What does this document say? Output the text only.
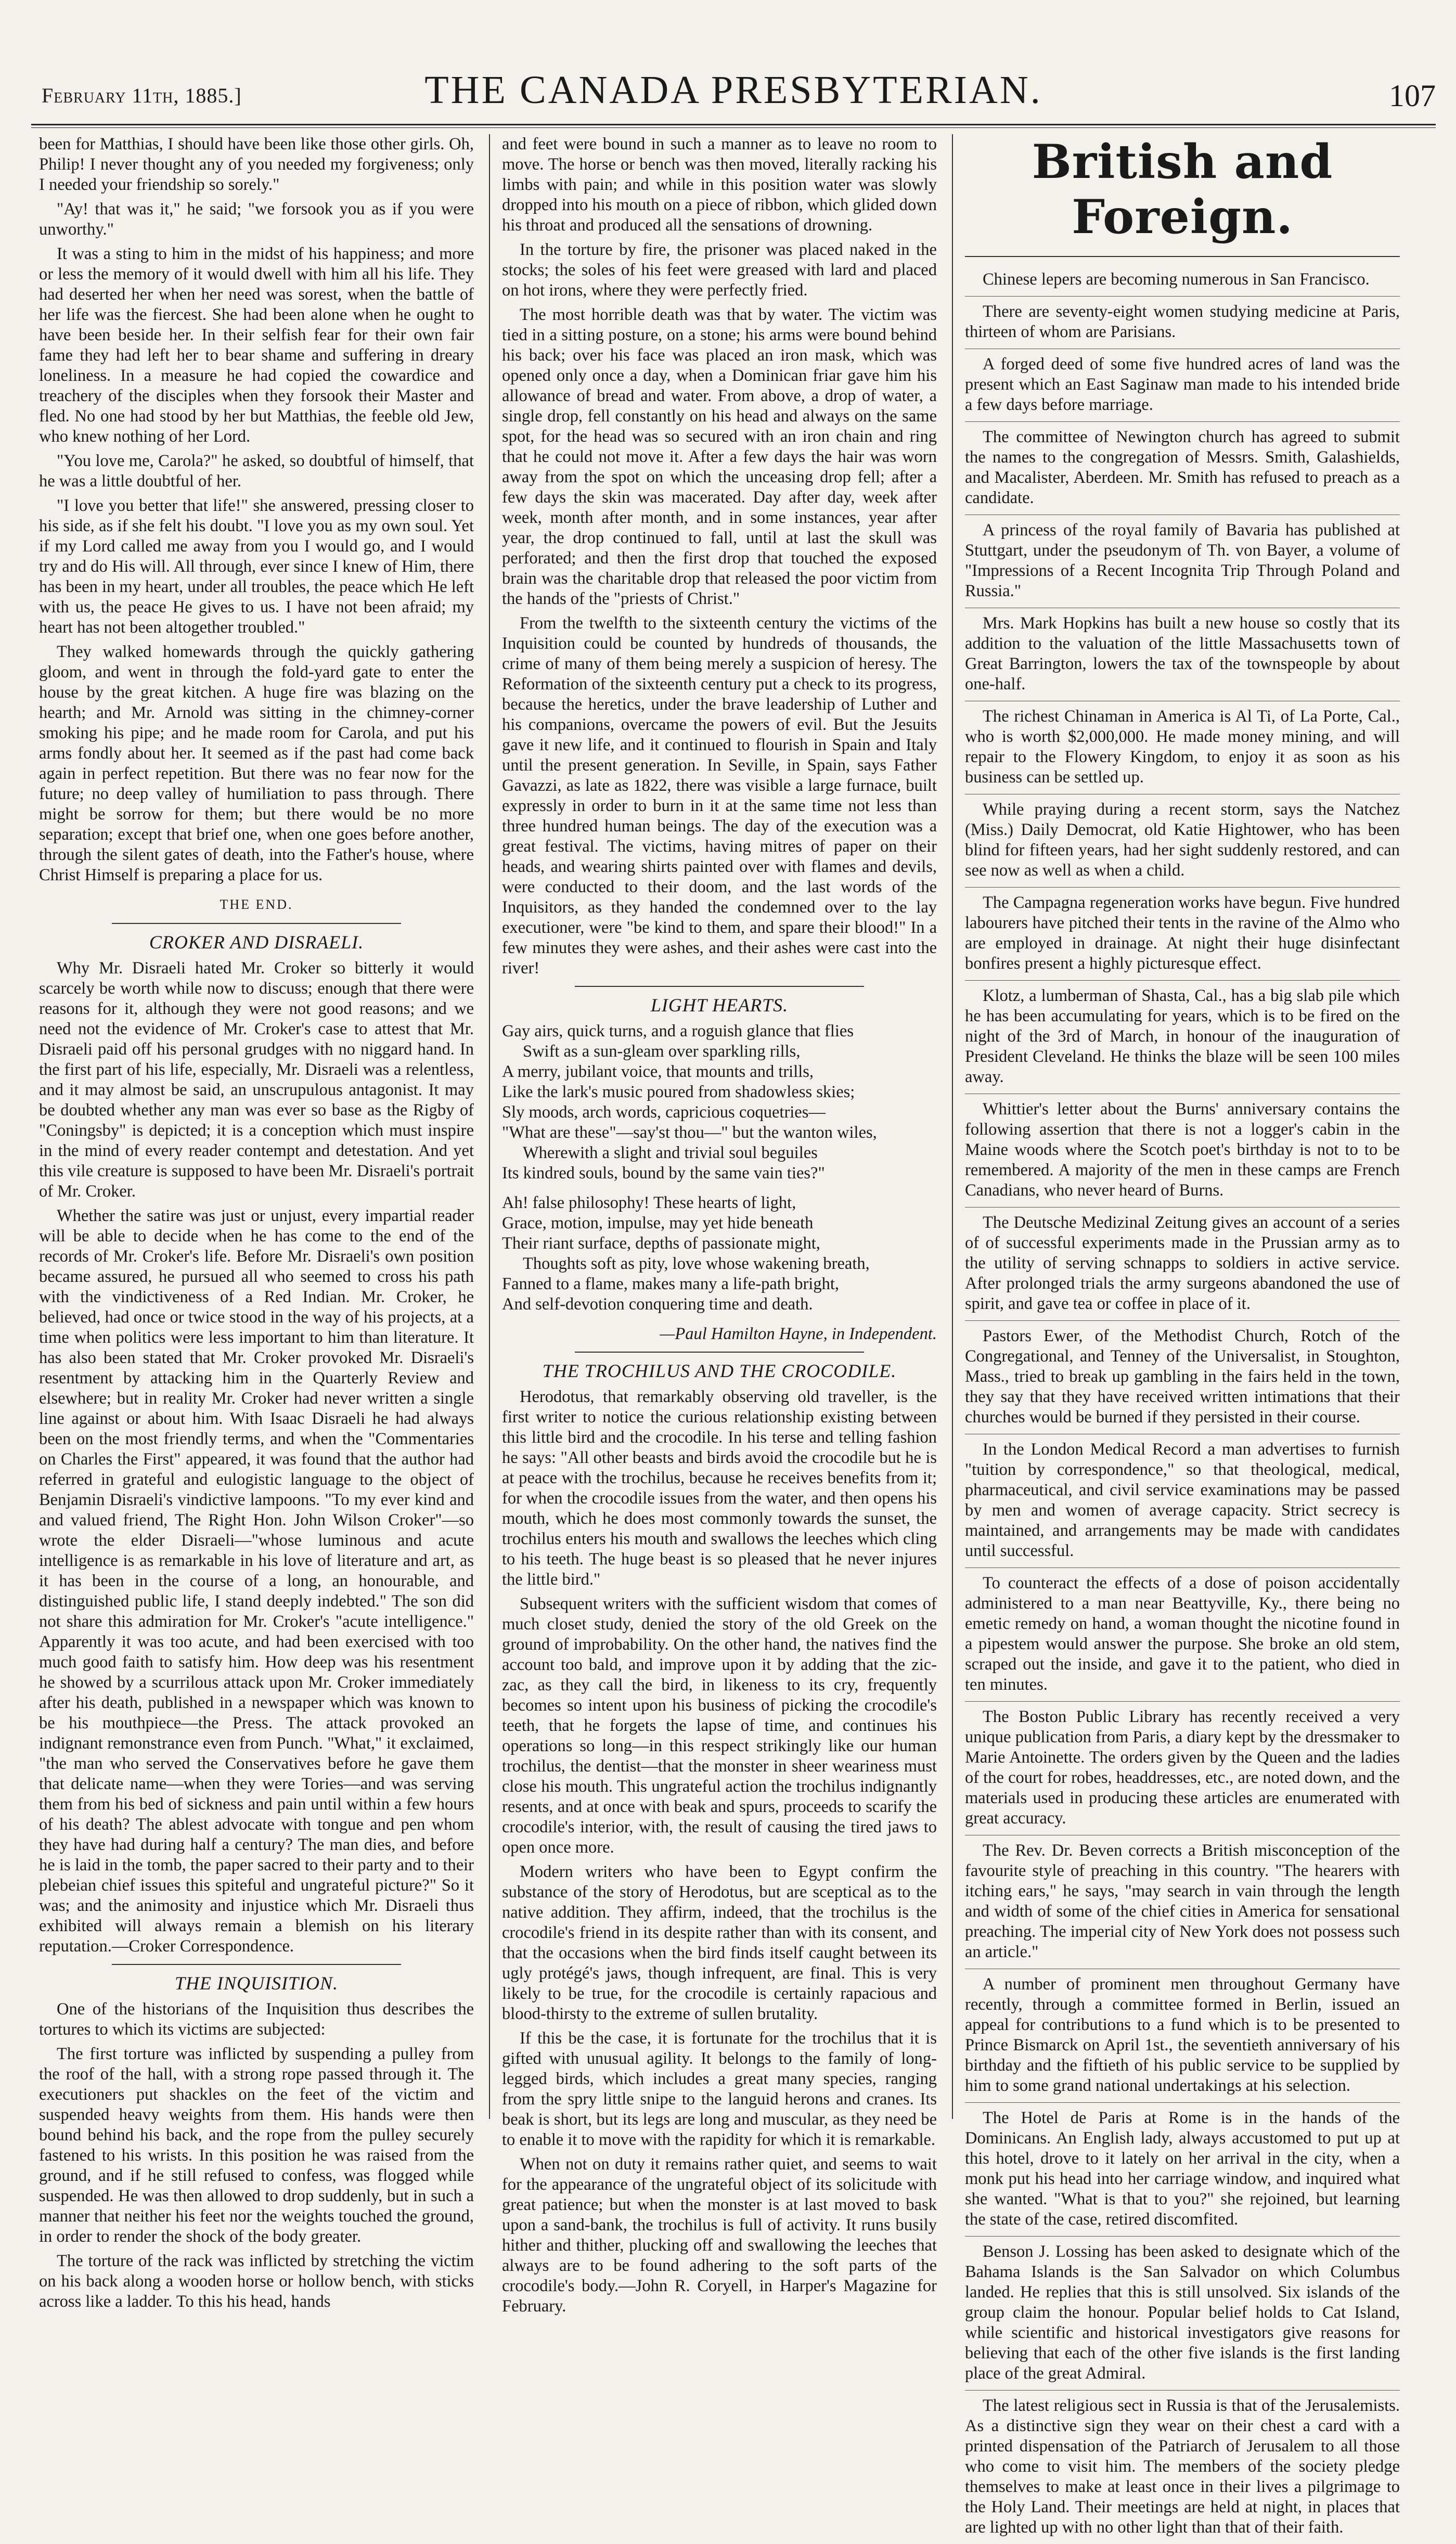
February 11th, 1885.]	THE CANADA PRESBYTERIAN.	107

been for Matthias, I should have been like those other girls. Oh, Philip! I never thought any of you needed my forgiveness; only I needed your friendship so sorely."

"Ay! that was it," he said; "we forsook you as if you were unworthy."

It was a sting to him in the midst of his happiness; and more or less the memory of it would dwell with him all his life. They had deserted her when her need was sorest, when the battle of her life was the fiercest. She had been alone when he ought to have been beside her. In their selfish fear for their own fair fame they had left her to bear shame and suffering in dreary loneliness. In a measure he had copied the cowardice and treachery of the disciples when they forsook their Master and fled. No one had stood by her but Matthias, the feeble old Jew, who knew nothing of her Lord.

"You love me, Carola?" he asked, so doubtful of himself, that he was a little doubtful of her.

"I love you better that life!" she answered, pressing closer to his side, as if she felt his doubt. "I love you as my own soul. Yet if my Lord called me away from you I would go, and I would try and do His will. All through, ever since I knew of Him, there has been in my heart, under all troubles, the peace which He left with us, the peace He gives to us. I have not been afraid; my heart has not been altogether troubled."

They walked homewards through the quickly gathering gloom, and went in through the fold-yard gate to enter the house by the great kitchen. A huge fire was blazing on the hearth; and Mr. Arnold was sitting in the chimney-corner smoking his pipe; and he made room for Carola, and put his arms fondly about her. It seemed as if the past had come back again in perfect repetition. But there was no fear now for the future; no deep valley of humiliation to pass through. There might be sorrow for them; but there would be no more separation; except that brief one, when one goes before another, through the silent gates of death, into the Father's house, where Christ Himself is preparing a place for us.

THE END.
CROKER AND DISRAELI.

Why Mr. Disraeli hated Mr. Croker so bitterly it would scarcely be worth while now to discuss; enough that there were reasons for it, although they were not good reasons; and we need not the evidence of Mr. Croker's case to attest that Mr. Disraeli paid off his personal grudges with no niggard hand. In the first part of his life, especially, Mr. Disraeli was a relentless, and it may almost be said, an unscrupulous antagonist. It may be doubted whether any man was ever so base as the Rigby of "Coningsby" is depicted; it is a conception which must inspire in the mind of every reader contempt and detestation. And yet this vile creature is supposed to have been Mr. Disraeli's portrait of Mr. Croker.

Whether the satire was just or unjust, every impartial reader will be able to decide when he has come to the end of the records of Mr. Croker's life. Before Mr. Disraeli's own position became assured, he pursued all who seemed to cross his path with the vindictiveness of a Red Indian. Mr. Croker, he believed, had once or twice stood in the way of his projects, at a time when politics were less important to him than literature. It has also been stated that Mr. Croker provoked Mr. Disraeli's resentment by attacking him in the Quarterly Review and elsewhere; but in reality Mr. Croker had never written a single line against or about him. With Isaac Disraeli he had always been on the most friendly terms, and when the "Commentaries on Charles the First" appeared, it was found that the author had referred in grateful and eulogistic language to the object of Benjamin Disraeli's vindictive lampoons. "To my ever kind and and valued friend, The Right Hon. John Wilson Croker"—so wrote the elder Disraeli—"whose luminous and acute intelligence is as remarkable in his love of literature and art, as it has been in the course of a long, an honourable, and distinguished public life, I stand deeply indebted." The son did not share this admiration for Mr. Croker's "acute intelligence." Apparently it was too acute, and had been exercised with too much good faith to satisfy him. How deep was his resentment he showed by a scurrilous attack upon Mr. Croker immediately after his death, published in a newspaper which was known to be his mouthpiece—the Press. The attack provoked an indignant remonstrance even from Punch. "What," it exclaimed, "the man who served the Conservatives before he gave them that delicate name—when they were Tories—and was serving them from his bed of sickness and pain until within a few hours of his death? The ablest advocate with tongue and pen whom they have had during half a century? The man dies, and before he is laid in the tomb, the paper sacred to their party and to their plebeian chief issues this spiteful and ungrateful picture?" So it was; and the animosity and injustice which Mr. Disraeli thus exhibited will always remain a blemish on his literary reputation.—Croker Correspondence.

THE INQUISITION.

One of the historians of the Inquisition thus describes the tortures to which its victims are subjected:

The first torture was inflicted by suspending a pulley from the roof of the hall, with a strong rope passed through it. The executioners put shackles on the feet of the victim and suspended heavy weights from them. His hands were then bound behind his back, and the rope from the pulley securely fastened to his wrists. In this position he was raised from the ground, and if he still refused to confess, was flogged while suspended. He was then allowed to drop suddenly, but in such a manner that neither his feet nor the weights touched the ground, in order to render the shock of the body greater.

The torture of the rack was inflicted by stretching the victim on his back along a wooden horse or hollow bench, with sticks across like a ladder. To this his head, hands

and feet were bound in such a manner as to leave no room to move. The horse or bench was then moved, literally racking his limbs with pain; and while in this position water was slowly dropped into his mouth on a piece of ribbon, which glided down his throat and produced all the sensations of drowning.

In the torture by fire, the prisoner was placed naked in the stocks; the soles of his feet were greased with lard and placed on hot irons, where they were perfectly fried.

The most horrible death was that by water. The victim was tied in a sitting posture, on a stone; his arms were bound behind his back; over his face was placed an iron mask, which was opened only once a day, when a Dominican friar gave him his allowance of bread and water. From above, a drop of water, a single drop, fell constantly on his head and always on the same spot, for the head was so secured with an iron chain and ring that he could not move it. After a few days the hair was worn away from the spot on which the unceasing drop fell; after a few days the skin was macerated. Day after day, week after week, month after month, and in some instances, year after year, the drop continued to fall, until at last the skull was perforated; and then the first drop that touched the exposed brain was the charitable drop that released the poor victim from the hands of the "priests of Christ."

From the twelfth to the sixteenth century the victims of the Inquisition could be counted by hundreds of thousands, the crime of many of them being merely a suspicion of heresy. The Reformation of the sixteenth century put a check to its progress, because the heretics, under the brave leadership of Luther and his companions, overcame the powers of evil. But the Jesuits gave it new life, and it continued to flourish in Spain and Italy until the present generation. In Seville, in Spain, says Father Gavazzi, as late as 1822, there was visible a large furnace, built expressly in order to burn in it at the same time not less than three hundred human beings. The day of the execution was a great festival. The victims, having mitres of paper on their heads, and wearing shirts painted over with flames and devils, were conducted to their doom, and the last words of the Inquisitors, as they handed the condemned over to the lay executioner, were "be kind to them, and spare their blood!" In a few minutes they were ashes, and their ashes were cast into the river!

LIGHT HEARTS.
Gay airs, quick turns, and a roguish glance that flies
Swift as a sun-gleam over sparkling rills,
A merry, jubilant voice, that mounts and trills,
Like the lark's music poured from shadowless skies;
Sly moods, arch words, capricious coquetries—
"What are these"—say'st thou—" but the wanton wiles,
Wherewith a slight and trivial soul beguiles
Its kindred souls, bound by the same vain ties?"
Ah! false philosophy! These hearts of light,
Grace, motion, impulse, may yet hide beneath
Their riant surface, depths of passionate might,
Thoughts soft as pity, love whose wakening breath,
Fanned to a flame, makes many a life-path bright,
And self-devotion conquering time and death.
—Paul Hamilton Hayne, in Independent.
THE TROCHILUS AND THE CROCODILE.

Herodotus, that remarkably observing old traveller, is the first writer to notice the curious relationship existing between this little bird and the crocodile. In his terse and telling fashion he says: "All other beasts and birds avoid the crocodile but he is at peace with the trochilus, because he receives benefits from it; for when the crocodile issues from the water, and then opens his mouth, which he does most commonly towards the sunset, the trochilus enters his mouth and swallows the leeches which cling to his teeth. The huge beast is so pleased that he never injures the little bird."

Subsequent writers with the sufficient wisdom that comes of much closet study, denied the story of the old Greek on the ground of improbability. On the other hand, the natives find the account too bald, and improve upon it by adding that the zic-zac, as they call the bird, in likeness to its cry, frequently becomes so intent upon his business of picking the crocodile's teeth, that he forgets the lapse of time, and continues his operations so long—in this respect strikingly like our human trochilus, the dentist—that the monster in sheer weariness must close his mouth. This ungrateful action the trochilus indignantly resents, and at once with beak and spurs, proceeds to scarify the crocodile's interior, with, the result of causing the tired jaws to open once more.

Modern writers who have been to Egypt confirm the substance of the story of Herodotus, but are sceptical as to the native addition. They affirm, indeed, that the trochilus is the crocodile's friend in its despite rather than with its consent, and that the occasions when the bird finds itself caught between its ugly protégé's jaws, though infrequent, are final. This is very likely to be true, for the crocodile is certainly rapacious and blood-thirsty to the extreme of sullen brutality.

If this be the case, it is fortunate for the trochilus that it is gifted with unusual agility. It belongs to the family of long-legged birds, which includes a great many species, ranging from the spry little snipe to the languid herons and cranes. Its beak is short, but its legs are long and muscular, as they need be to enable it to move with the rapidity for which it is remarkable.

When not on duty it remains rather quiet, and seems to wait for the appearance of the ungrateful object of its solicitude with great patience; but when the monster is at last moved to bask upon a sand-bank, the trochilus is full of activity. It runs busily hither and thither, plucking off and swallowing the leeches that always are to be found adhering to the soft parts of the crocodile's body.—John R. Coryell, in Harper's Magazine for February.

British and Foreign.
Chinese lepers are becoming numerous in San Francisco.
There are seventy-eight women studying medicine at Paris, thirteen of whom are Parisians.
A forged deed of some five hundred acres of land was the present which an East Saginaw man made to his intended bride a few days before marriage.
The committee of Newington church has agreed to submit the names to the congregation of Messrs. Smith, Galashields, and Macalister, Aberdeen. Mr. Smith has refused to preach as a candidate.
A princess of the royal family of Bavaria has published at Stuttgart, under the pseudonym of Th. von Bayer, a volume of "Impressions of a Recent Incognita Trip Through Poland and Russia."
Mrs. Mark Hopkins has built a new house so costly that its addition to the valuation of the little Massachusetts town of Great Barrington, lowers the tax of the townspeople by about one-half.
The richest Chinaman in America is Al Ti, of La Porte, Cal., who is worth $2,000,000. He made money mining, and will repair to the Flowery Kingdom, to enjoy it as soon as his business can be settled up.
While praying during a recent storm, says the Natchez (Miss.) Daily Democrat, old Katie Hightower, who has been blind for fifteen years, had her sight suddenly restored, and can see now as well as when a child.
The Campagna regeneration works have begun. Five hundred labourers have pitched their tents in the ravine of the Almo who are employed in drainage. At night their huge disinfectant bonfires present a highly picturesque effect.
Klotz, a lumberman of Shasta, Cal., has a big slab pile which he has been accumulating for years, which is to be fired on the night of the 3rd of March, in honour of the inauguration of President Cleveland. He thinks the blaze will be seen 100 miles away.
Whittier's letter about the Burns' anniversary contains the following assertion that there is not a logger's cabin in the Maine woods where the Scotch poet's birthday is not to to be remembered. A majority of the men in these camps are French Canadians, who never heard of Burns.
The Deutsche Medizinal Zeitung gives an account of a series of of successful experiments made in the Prussian army as to the utility of serving schnapps to soldiers in active service. After prolonged trials the army surgeons abandoned the use of spirit, and gave tea or coffee in place of it.
Pastors Ewer, of the Methodist Church, Rotch of the Congregational, and Tenney of the Universalist, in Stoughton, Mass., tried to break up gambling in the fairs held in the town, they say that they have received written intimations that their churches would be burned if they persisted in their course.
In the London Medical Record a man advertises to furnish "tuition by correspondence," so that theological, medical, pharmaceutical, and civil service examinations may be passed by men and women of average capacity. Strict secrecy is maintained, and arrangements may be made with candidates until successful.
To counteract the effects of a dose of poison accidentally administered to a man near Beattyville, Ky., there being no emetic remedy on hand, a woman thought the nicotine found in a pipestem would answer the purpose. She broke an old stem, scraped out the inside, and gave it to the patient, who died in ten minutes.
The Boston Public Library has recently received a very unique publication from Paris, a diary kept by the dressmaker to Marie Antoinette. The orders given by the Queen and the ladies of the court for robes, headdresses, etc., are noted down, and the materials used in producing these articles are enumerated with great accuracy.
The Rev. Dr. Beven corrects a British misconception of the favourite style of preaching in this country. "The hearers with itching ears," he says, "may search in vain through the length and width of some of the chief cities in America for sensational preaching. The imperial city of New York does not possess such an article."
A number of prominent men throughout Germany have recently, through a committee formed in Berlin, issued an appeal for contributions to a fund which is to be presented to Prince Bismarck on April 1st., the seventieth anniversary of his birthday and the fiftieth of his public service to be supplied by him to some grand national undertakings at his selection.
The Hotel de Paris at Rome is in the hands of the Dominicans. An English lady, always accustomed to put up at this hotel, drove to it lately on her arrival in the city, when a monk put his head into her carriage window, and inquired what she wanted. "What is that to you?" she rejoined, but learning the state of the case, retired discomfited.
Benson J. Lossing has been asked to designate which of the Bahama Islands is the San Salvador on which Columbus landed. He replies that this is still unsolved. Six islands of the group claim the honour. Popular belief holds to Cat Island, while scientific and historical investigators give reasons for believing that each of the other five islands is the first landing place of the great Admiral.
The latest religious sect in Russia is that of the Jerusalemists. As a distinctive sign they wear on their chest a card with a printed dispensation of the Patriarch of Jerusalem to all those who come to visit him. The members of the society pledge themselves to make at least once in their lives a pilgrimage to the Holy Land. Their meetings are held at night, in places that are lighted up with no other light than that of their faith.
